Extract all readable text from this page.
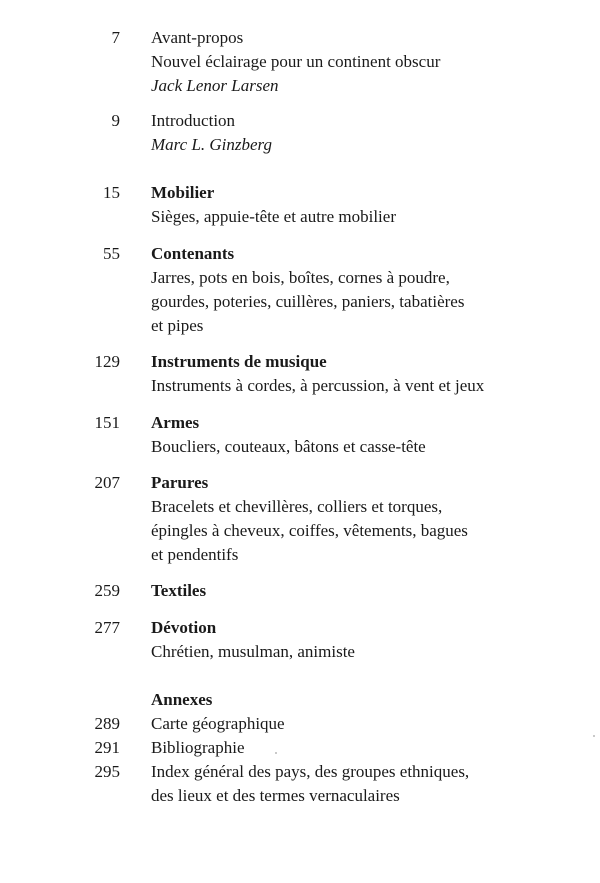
7 Avant-propos
Nouvel éclairage pour un continent obscur
Jack Lenor Larsen
9 Introduction
Marc L. Ginzberg
15 Mobilier
Sièges, appuie-tête et autre mobilier
55 Contenants
Jarres, pots en bois, boîtes, cornes à poudre,
gourdes, poteries, cuillères, paniers, tabatières
et pipes
129 Instruments de musique
Instruments à cordes, à percussion, à vent et jeux
151 Armes
Boucliers, couteaux, bâtons et casse-tête
207 Parures
Bracelets et chevillères, colliers et torques,
épingles à cheveux, coiffes, vêtements, bagues
et pendentifs
259 Textiles
277 Dévotion
Chrétien, musulman, animiste
Annexes
289 Carte géographique
291 Bibliographie
295 Index général des pays, des groupes ethniques,
des lieux et des termes vernaculaires
